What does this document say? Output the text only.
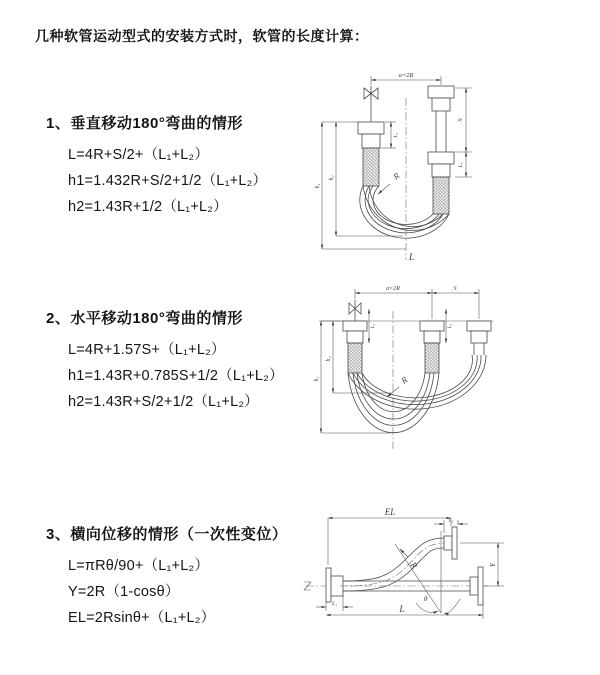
几种软管运动型式的安装方式时，软管的长度计算：
1、垂直移动180°弯曲的情形
L=4R+S/2+（L₁+L₂）
h1=1.432R+S/2+1/2（L₁+L₂）
h2=1.43R+1/2（L₁+L₂）
2、水平移动180°弯曲的情形
L=4R+1.57S+（L₁+L₂）
h1=1.43R+0.785S+1/2（L₁+L₂）
h2=1.43R+S/2+1/2（L₁+L₂）
3、横向位移的情形（一次性变位）
L=πRθ/90+（L₁+L₂）
Y=2R（1-cosθ）
EL=2Rsinθ+（L₁+L₂）
a=2R
L₁
S
L₂
h₂
h₁
R
L
a=2R	S
L₁	L₂
h₂
h₁	R
θ
R
EL
L₂
Y
L₁
L
